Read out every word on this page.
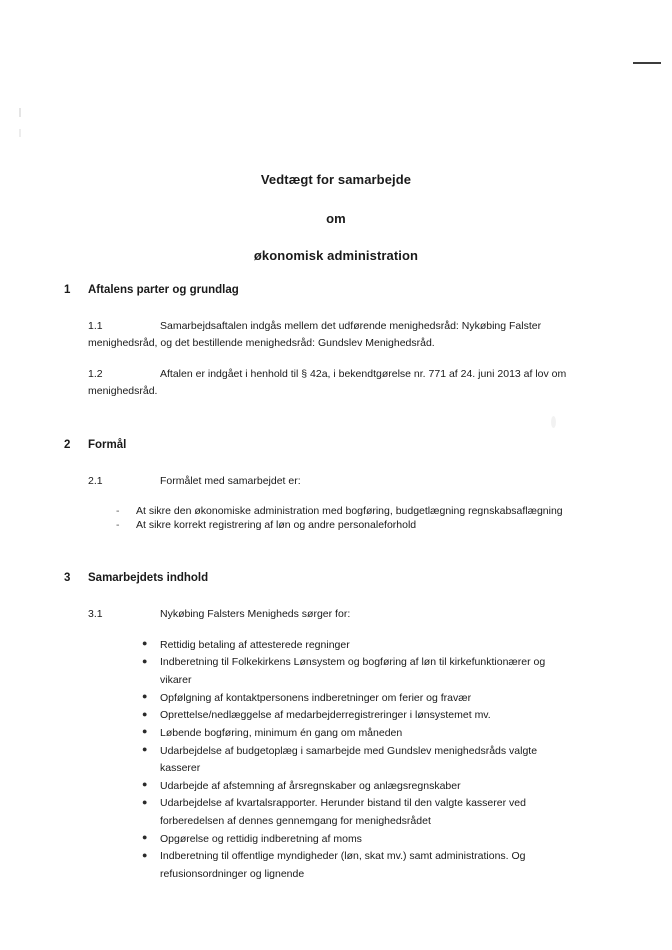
Vedtægt for samarbejde

om

økonomisk administration

1	Aftalens parter og grundlag

1.1	Samarbejdsaftalen indgås mellem det udførende menighedsråd: Nykøbing Falster menighedsråd, og det bestillende menighedsråd: Gundslev Menighedsråd.

1.2	Aftalen er indgået i henhold til § 42a, i bekendtgørelse nr. 771 af 24. juni 2013 af lov om menighedsråd.

2	Formål

2.1	Formålet med samarbejdet er:

- At sikre den økonomiske administration med bogføring, budgetlægning regnskabsaflægning
- At sikre korrekt registrering af løn og andre personaleforhold
3	Samarbejdets indhold

3.1	Nykøbing Falsters Menigheds sørger for:

● Rettidig betaling af attesterede regninger
● Indberetning til Folkekirkens Lønsystem og bogføring af løn til kirkefunktionærer og vikarer
● Opfølgning af kontaktpersonens indberetninger om ferier og fravær
● Oprettelse/nedlæggelse af medarbejderregistreringer i lønsystemet mv.
● Løbende bogføring, minimum én gang om måneden
● Udarbejdelse af budgetoplæg i samarbejde med Gundslev menighedsråds valgte kasserer
● Udarbejde af afstemning af årsregnskaber og anlægsregnskaber
● Udarbejdelse af kvartalsrapporter. Herunder bistand til den valgte kasserer ved forberedelsen af dennes gennemgang for menighedsrådet
● Opgørelse og rettidig indberetning af moms
● Indberetning til offentlige myndigheder (løn, skat mv.) samt administrations. Og refusionsordninger og lignende
